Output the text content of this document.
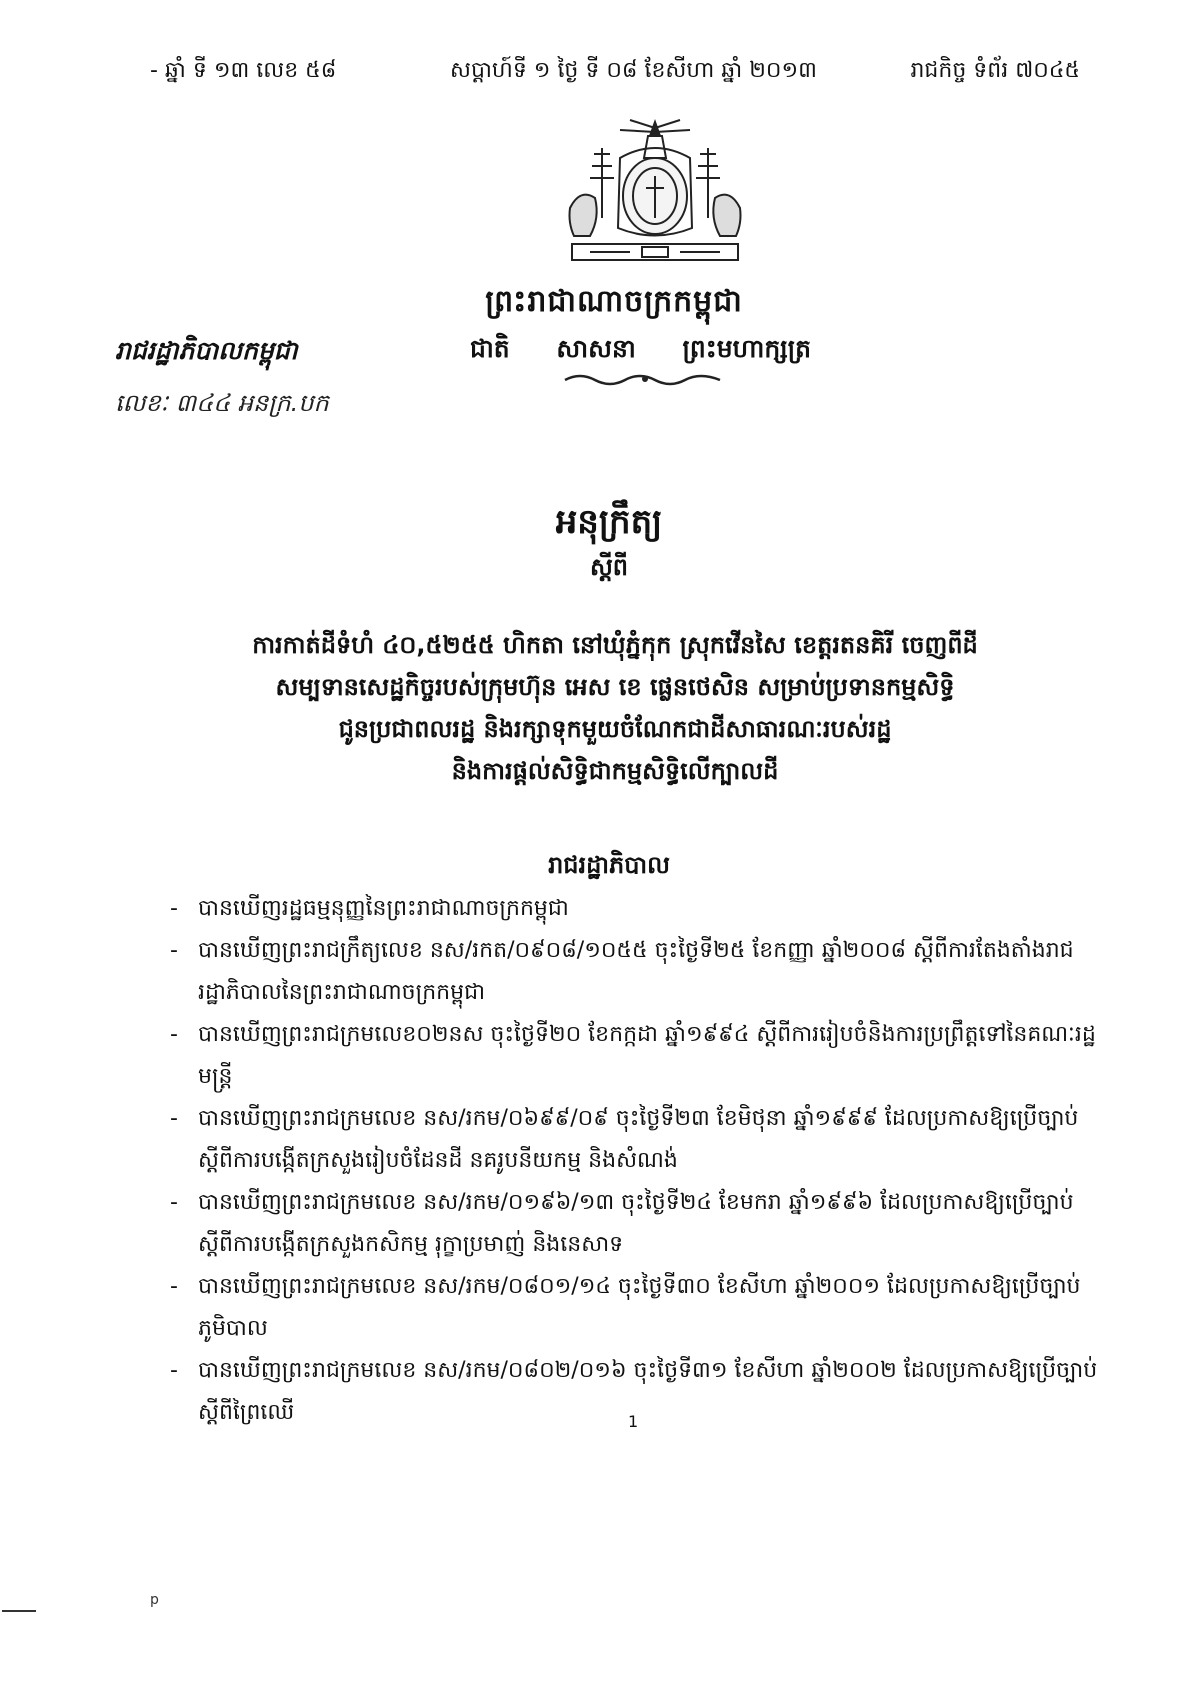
- ឆ្នាំ ទី ១៣ លេខ ៥៨	សប្តាហ៍ទី ១ ថ្ងៃ ទី ០៨ ខែសីហា ឆ្នាំ ២០១៣	រាជកិច្ច ទំព័រ ៧០៤៥
ព្រះរាជាណាចក្រកម្ពុជា
ជាតិ សាសនា ព្រះមហាក្សត្រ
រាជរដ្ឋាភិបាលកម្ពុជា
លេខៈ ៣៤៤ អនក្រ.បក
អនុក្រឹត្យ
ស្តីពី
ការកាត់ដីទំហំ ៤០,៥២៥៥ ហិកតា នៅឃុំភ្នំកុក ស្រុកវើនសៃ ខេត្តរតនគិរី ចេញពីដី
សម្បទានសេដ្ឋកិច្ចរបស់ក្រុមហ៊ុន អេស ខេ ផ្លេនថេសិន សម្រាប់ប្រទានកម្មសិទ្ធិ
ជូនប្រជាពលរដ្ឋ និងរក្សាទុកមួយចំណែកជាដីសាធារណៈរបស់រដ្ឋ
និងការផ្តល់សិទ្ធិជាកម្មសិទ្ធិលើក្បាលដី
រាជរដ្ឋាភិបាល
- បានឃើញរដ្ឋធម្មនុញ្ញនៃព្រះរាជាណាចក្រកម្ពុជា
- បានឃើញព្រះរាជក្រឹត្យលេខ នស/រកត/០៩០៨/១០៥៥ ចុះថ្ងៃទី២៥ ខែកញ្ញា ឆ្នាំ២០០៨ ស្តីពីការតែងតាំងរាជរដ្ឋាភិបាលនៃព្រះរាជាណាចក្រកម្ពុជា
- បានឃើញព្រះរាជក្រមលេខ០២នស ចុះថ្ងៃទី២០ ខែកក្កដា ឆ្នាំ១៩៩៤ ស្តីពីការរៀបចំនិងការប្រព្រឹត្តទៅនៃគណៈរដ្ឋមន្ត្រី
- បានឃើញព្រះរាជក្រមលេខ នស/រកម/០៦៩៩/០៩ ចុះថ្ងៃទី២៣ ខែមិថុនា ឆ្នាំ១៩៩៩ ដែលប្រកាសឱ្យប្រើច្បាប់ស្តីពីការបង្កើតក្រសួងរៀបចំដែនដី នគរូបនីយកម្ម និងសំណង់
- បានឃើញព្រះរាជក្រមលេខ នស/រកម/០១៩៦/១៣ ចុះថ្ងៃទី២៤ ខែមករា ឆ្នាំ១៩៩៦ ដែលប្រកាសឱ្យប្រើច្បាប់ ស្តីពីការបង្កើតក្រសួងកសិកម្ម រុក្ខាប្រមាញ់ និងនេសាទ
- បានឃើញព្រះរាជក្រមលេខ នស/រកម/០៨០១/១៤ ចុះថ្ងៃទី៣០ ខែសីហា ឆ្នាំ២០០១ ដែលប្រកាសឱ្យប្រើច្បាប់ភូមិបាល
- បានឃើញព្រះរាជក្រមលេខ នស/រកម/០៨០២/០១៦ ចុះថ្ងៃទី៣១ ខែសីហា ឆ្នាំ២០០២ ដែលប្រកាសឱ្យប្រើច្បាប់ស្តីពីព្រៃឈើ	1
p
